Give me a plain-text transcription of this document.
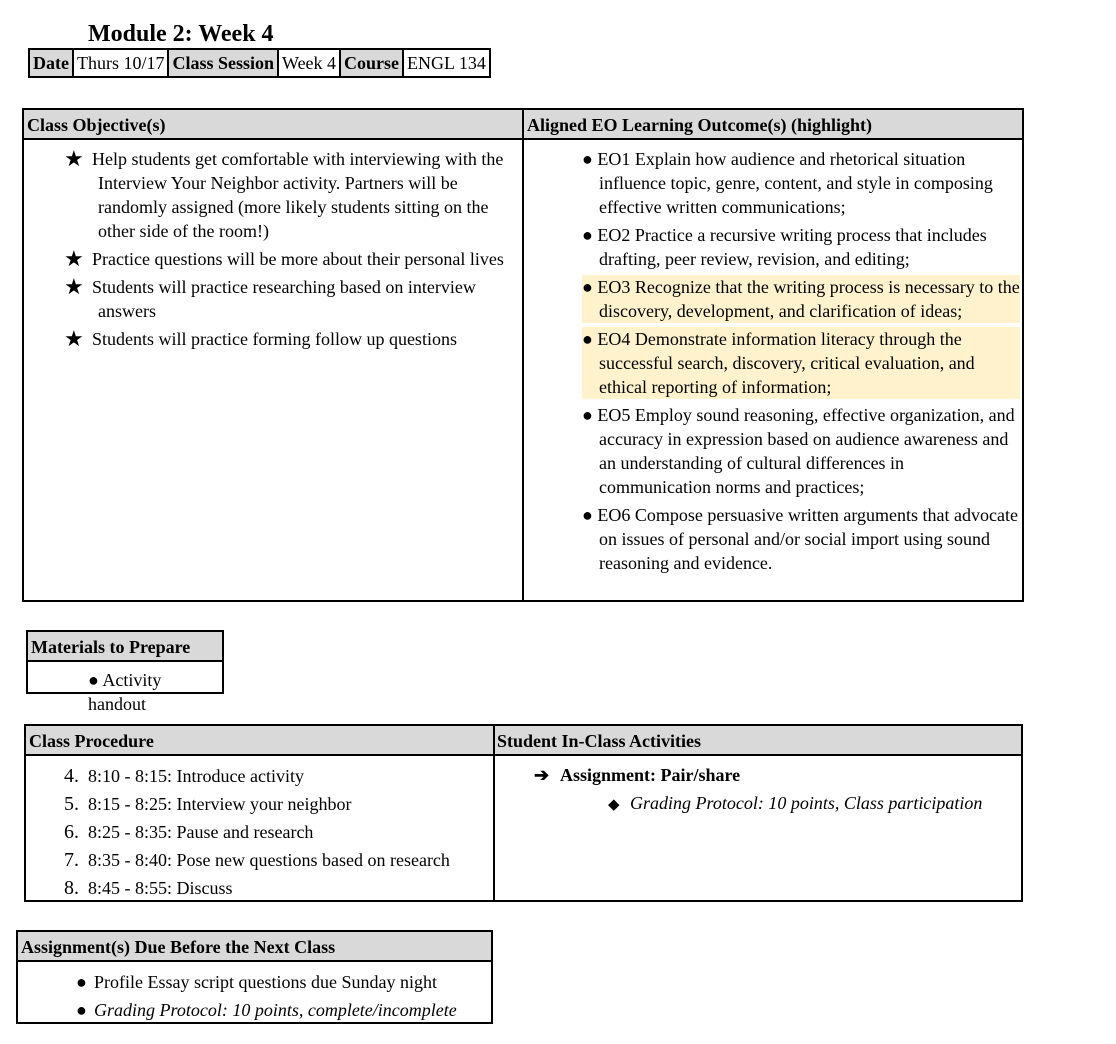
Module 2: Week 4
Date	Thurs 10/17	Class Session	Week 4	Course	ENGL 134
Class Objective(s)	Aligned EO Learning Outcome(s) (highlight)
★ Help students get comfortable with interviewing with the Interview Your Neighbor activity. Partners will be randomly assigned (more likely students sitting on the other side of the room!)
★ Practice questions will be more about their personal lives
★ Students will practice researching based on interview answers
★ Students will practice forming follow up questions
● EO1 Explain how audience and rhetorical situation influence topic, genre, content, and style in composing effective written communications;
● EO2 Practice a recursive writing process that includes drafting, peer review, revision, and editing;
● EO3 Recognize that the writing process is necessary to the discovery, development, and clarification of ideas;
● EO4 Demonstrate information literacy through the successful search, discovery, critical evaluation, and ethical reporting of information;
● EO5 Employ sound reasoning, effective organization, and accuracy in expression based on audience awareness and an understanding of cultural differences in communication norms and practices;
● EO6 Compose persuasive written arguments that advocate on issues of personal and/or social import using sound reasoning and evidence.
Materials to Prepare
● Activity handout
Class Procedure	Student In-Class Activities
4. 8:10 - 8:15: Introduce activity
5. 8:15 - 8:25: Interview your neighbor
6. 8:25 - 8:35: Pause and research
7. 8:35 - 8:40: Pose new questions based on research
8. 8:45 - 8:55: Discuss
➔ Assignment: Pair/share
◆ Grading Protocol: 10 points, Class participation
Assignment(s) Due Before the Next Class
● Profile Essay script questions due Sunday night
● Grading Protocol: 10 points, complete/incomplete
